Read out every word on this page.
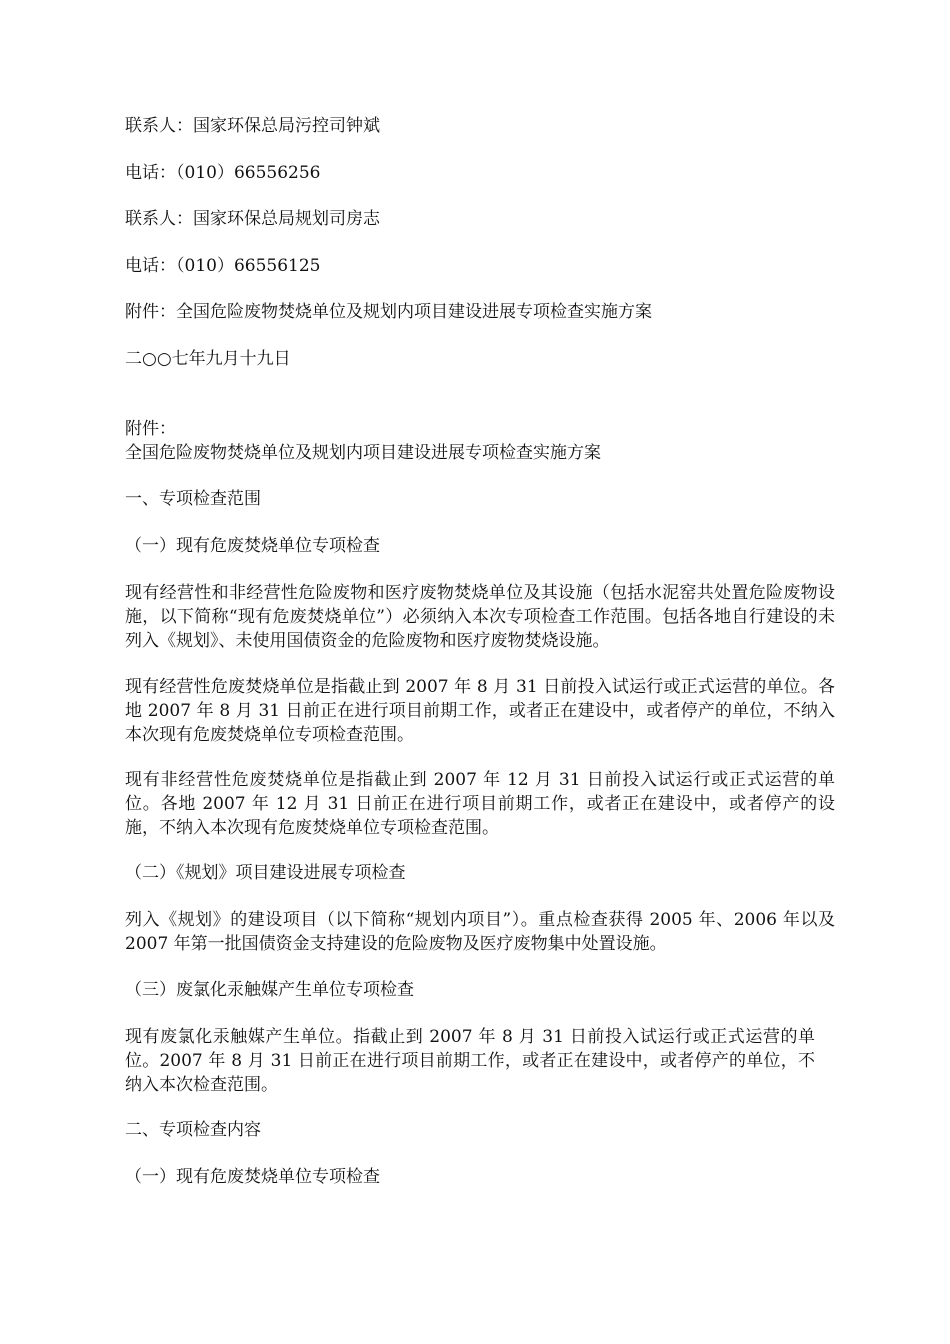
联系人：国家环保总局污控司钟斌
电话：（010）66556256
联系人：国家环保总局规划司房志
电话：（010）66556125
附件：全国危险废物焚烧单位及规划内项目建设进展专项检查实施方案
二○○七年九月十九日
附件：
全国危险废物焚烧单位及规划内项目建设进展专项检查实施方案
一、专项检查范围
（一）现有危废焚烧单位专项检查
现有经营性和非经营性危险废物和医疗废物焚烧单位及其设施（包括水泥窑共处置危险废物设施，以下简称“现有危废焚烧单位”）必须纳入本次专项检查工作范围。包括各地自行建设的未列入《规划》、未使用国债资金的危险废物和医疗废物焚烧设施。
现有经营性危废焚烧单位是指截止到 2007 年 8 月 31 日前投入试运行或正式运营的单位。各地 2007 年 8 月 31 日前正在进行项目前期工作，或者正在建设中，或者停产的单位，不纳入本次现有危废焚烧单位专项检查范围。
现有非经营性危废焚烧单位是指截止到 2007 年 12 月 31 日前投入试运行或正式运营的单位。各地 2007 年 12 月 31 日前正在进行项目前期工作，或者正在建设中，或者停产的设施，不纳入本次现有危废焚烧单位专项检查范围。
（二）《规划》项目建设进展专项检查
列入《规划》的建设项目（以下简称“规划内项目”）。重点检查获得 2005 年、2006 年以及 2007 年第一批国债资金支持建设的危险废物及医疗废物集中处置设施。
（三）废氯化汞触媒产生单位专项检查
现有废氯化汞触媒产生单位。指截止到 2007 年 8 月 31 日前投入试运行或正式运营的单位。2007 年 8 月 31 日前正在进行项目前期工作，或者正在建设中，或者停产的单位，不纳入本次检查范围。
二、专项检查内容
（一）现有危废焚烧单位专项检查
